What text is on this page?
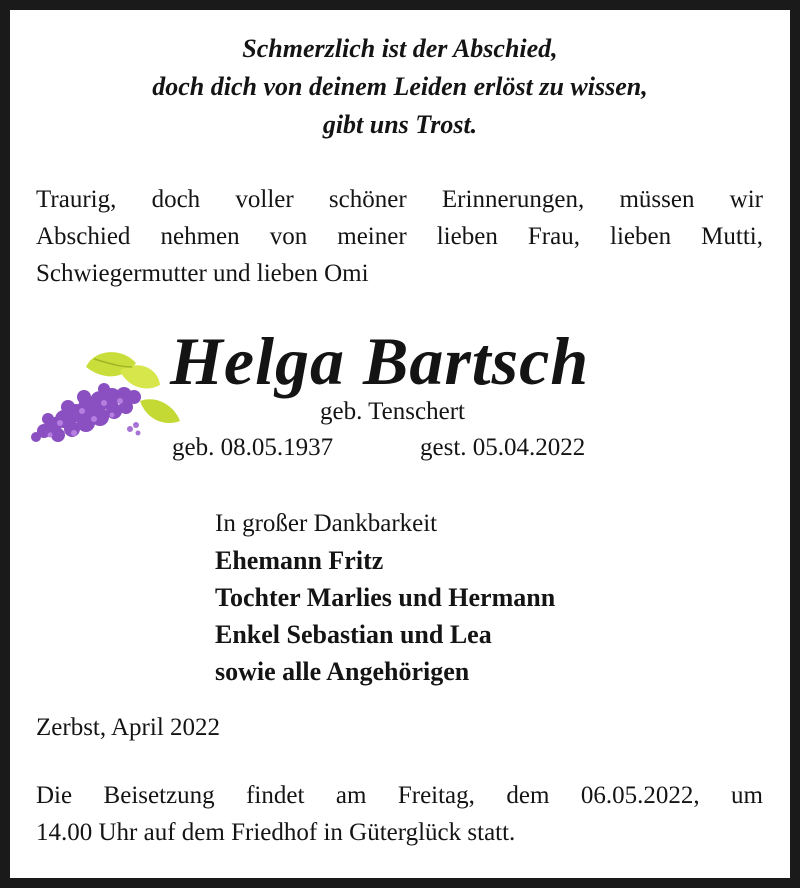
Schmerzlich ist der Abschied,

doch dich von deinem Leiden erlöst zu wissen,

gibt uns Trost.

Traurig, doch voller schöner Erinnerungen, müssen wir

Abschied nehmen von meiner lieben Frau, lieben Mutti,

Schwiegermutter und lieben Omi

Helga Bartsch

geb. Tenschert

geb. 08.05.1937	gest. 05.04.2022

In großer Dankbarkeit

Ehemann Fritz

Tochter Marlies und Hermann

Enkel Sebastian und Lea

sowie alle Angehörigen

Zerbst, April 2022

Die Beisetzung findet am Freitag, dem 06.05.2022, um

14.00 Uhr auf dem Friedhof in Güterglück statt.
